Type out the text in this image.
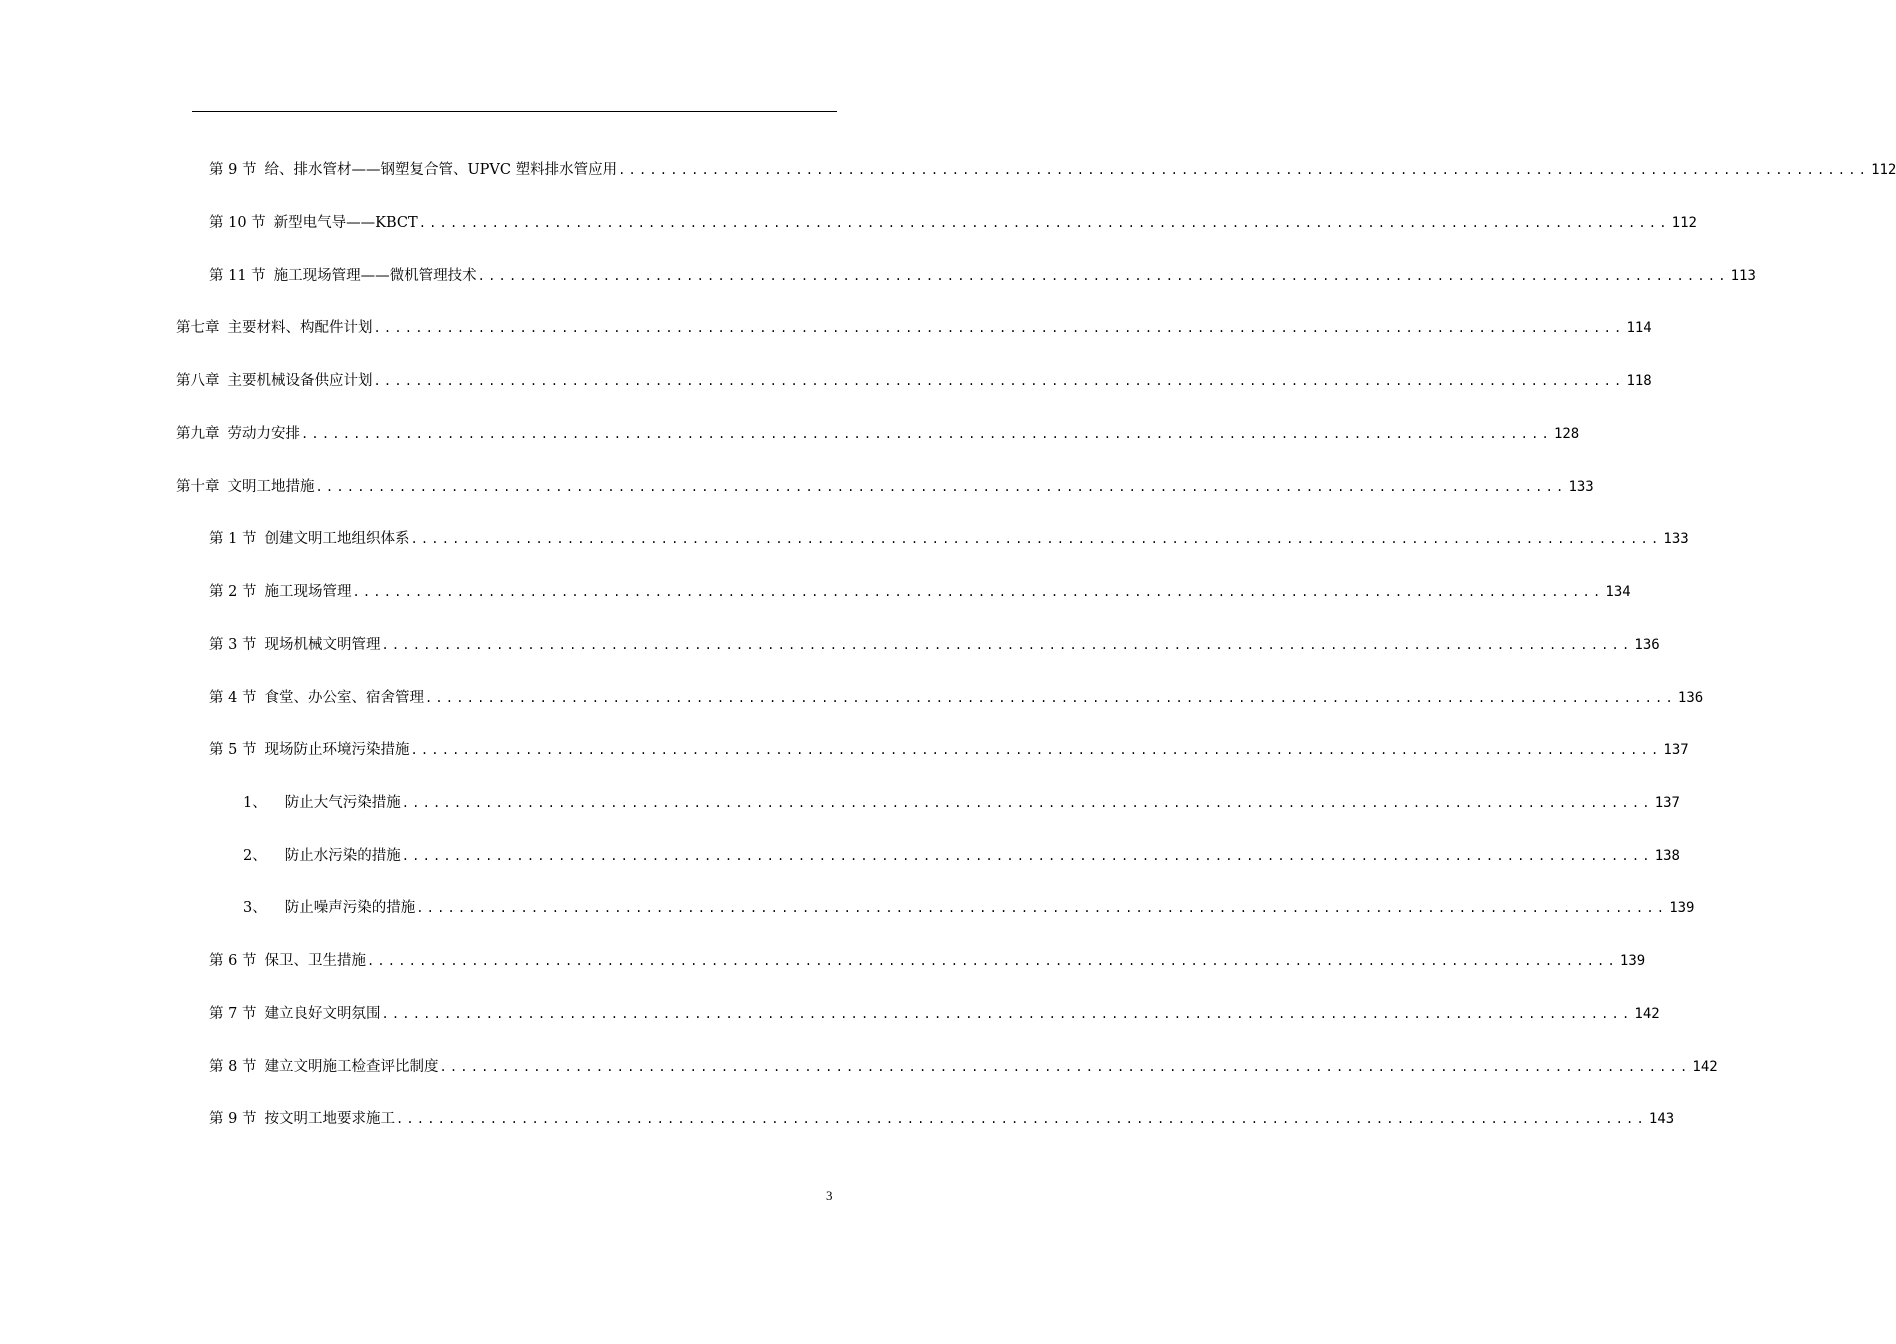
第 9 节 给、排水管材——钢塑复合管、UPVC 塑料排水管应用 ........................................................................................................................ 112
第 10 节 新型电气导——KBCT ........................................................................................................................ 112
第 11 节 施工现场管理——微机管理技术 ........................................................................................................................ 113
第七章 主要材料、构配件计划 ........................................................................................................................ 114
第八章 主要机械设备供应计划 ........................................................................................................................ 118
第九章 劳动力安排 ........................................................................................................................ 128
第十章 文明工地措施 ........................................................................................................................ 133
第 1 节 创建文明工地组织体系 ........................................................................................................................ 133
第 2 节 施工现场管理 ........................................................................................................................ 134
第 3 节 现场机械文明管理 ........................................................................................................................ 136
第 4 节 食堂、办公室、宿舍管理 ........................................................................................................................ 136
第 5 节 现场防止环境污染措施 ........................................................................................................................ 137
1、 防止大气污染措施 ........................................................................................................................ 137
2、 防止水污染的措施 ........................................................................................................................ 138
3、 防止噪声污染的措施 ........................................................................................................................ 139
第 6 节 保卫、卫生措施 ........................................................................................................................ 139
第 7 节 建立良好文明氛围 ........................................................................................................................ 142
第 8 节 建立文明施工检查评比制度 ........................................................................................................................ 142
第 9 节 按文明工地要求施工 ........................................................................................................................ 143
3
